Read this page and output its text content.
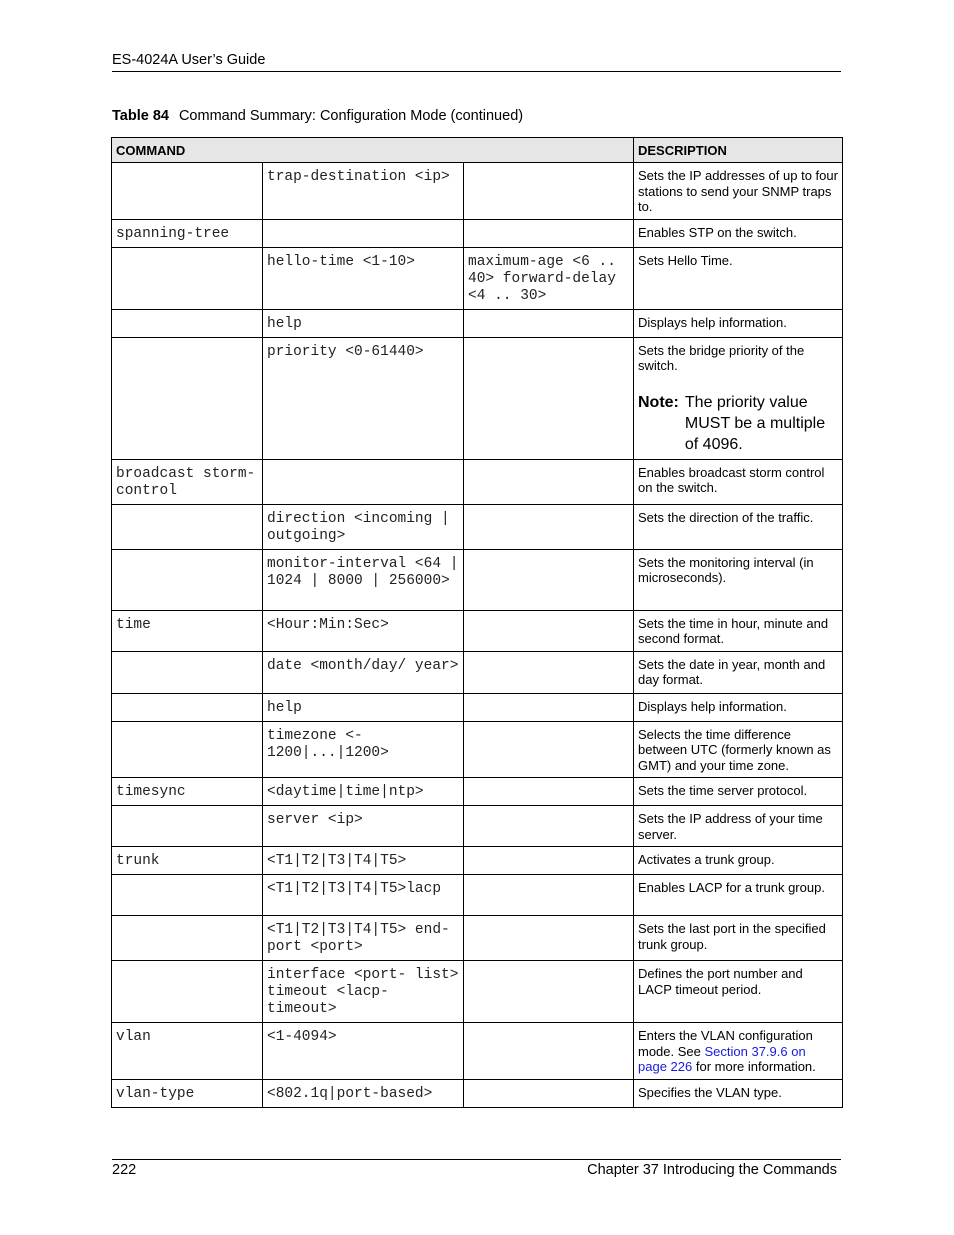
ES-4024A User’s Guide
Table 84 Command Summary: Configuration Mode (continued)
COMMAND			DESCRIPTION
	trap-destination <ip>		Sets the IP addresses of up to four stations to send your SNMP traps to.
spanning-tree			Enables STP on the switch.
	hello-time <1-10>	maximum-age <6 .. 40> forward-delay <4 .. 30>	Sets Hello Time.
	help		Displays help information.
	priority <0-61440>		Sets the bridge priority of the switch.
Note: The priority value MUST be a multiple of 4096.

broadcast storm-control			Enables broadcast storm control on the switch.
	direction <incoming | outgoing>		Sets the direction of the traffic.
	monitor-interval <64 | 1024 | 8000 | 256000>		Sets the monitoring interval (in microseconds).
time	<Hour:Min:Sec>		Sets the time in hour, minute and second format.
	date <month/day/ year>		Sets the date in year, month and day format.
	help		Displays help information.
	timezone <- 1200|...|1200>		Selects the time difference between UTC (formerly known as GMT) and your time zone.
timesync	<daytime|time|ntp>		Sets the time server protocol.
	server <ip>		Sets the IP address of your time server.
trunk	<T1|T2|T3|T4|T5>		Activates a trunk group.
	<T1|T2|T3|T4|T5>lacp		Enables LACP for a trunk group.
	<T1|T2|T3|T4|T5> end-port <port>		Sets the last port in the specified trunk group.
	interface <port- list> timeout <lacp- timeout>		Defines the port number and LACP timeout period.
vlan	<1-4094>		Enters the VLAN configuration mode. See Section 37.9.6 on page 226 for more information.
vlan-type	<802.1q|port-based>		Specifies the VLAN type.
222	Chapter 37 Introducing the Commands
